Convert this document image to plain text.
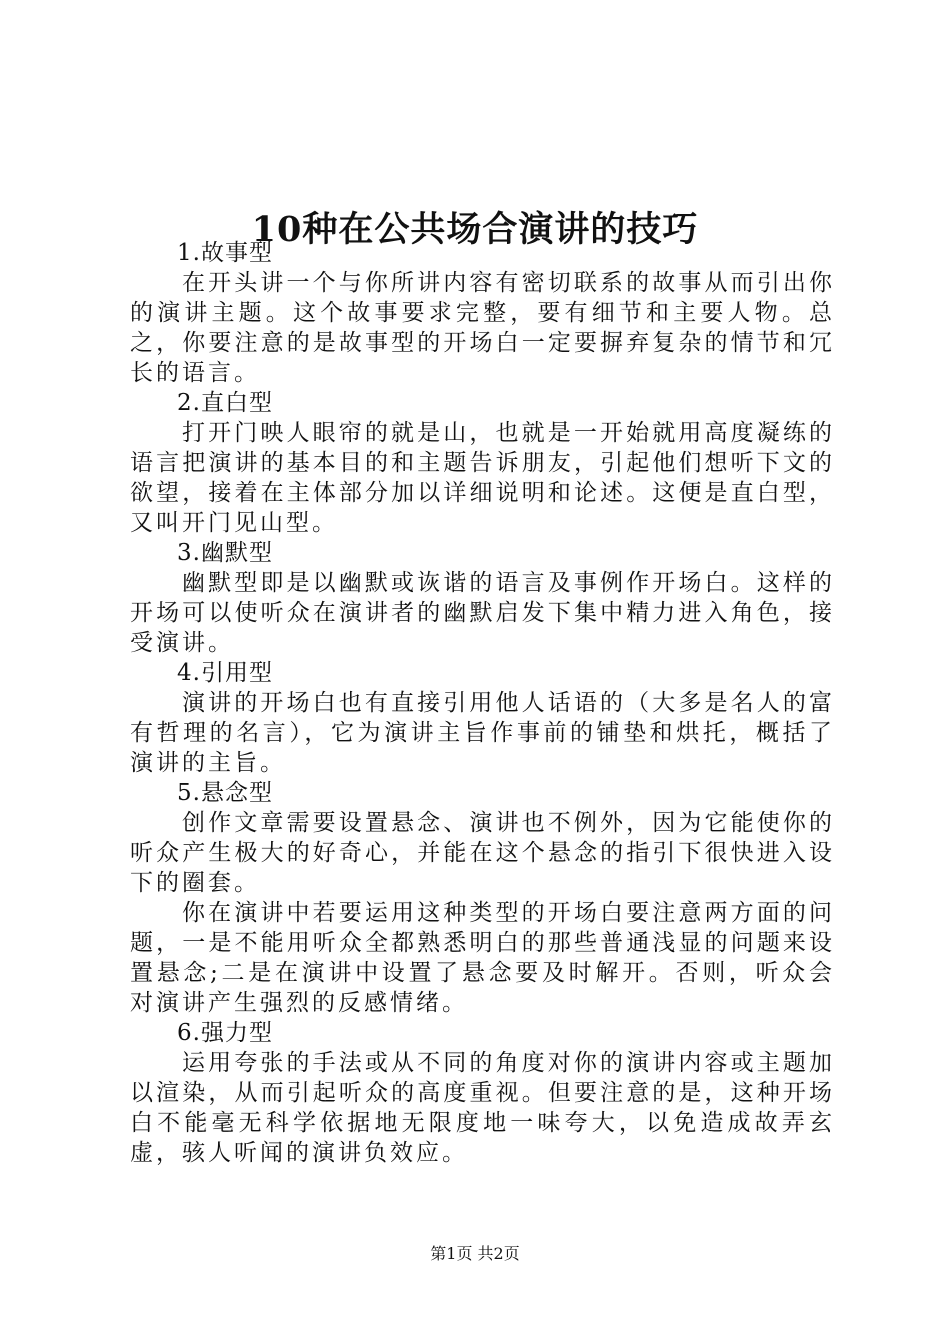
10种在公共场合演讲的技巧

1.故事型

在开头讲一个与你所讲内容有密切联系的故事从而引出你的演讲主题。这个故事要求完整，要有细节和主要人物。总之，你要注意的是故事型的开场白一定要摒弃复杂的情节和冗长的语言。

2.直白型

打开门映人眼帘的就是山，也就是一开始就用高度凝练的语言把演讲的基本目的和主题告诉朋友，引起他们想听下文的欲望，接着在主体部分加以详细说明和论述。这便是直白型，又叫开门见山型。

3.幽默型

幽默型即是以幽默或诙谐的语言及事例作开场白。这样的开场可以使听众在演讲者的幽默启发下集中精力进入角色，接受演讲。

4.引用型

演讲的开场白也有直接引用他人话语的（大多是名人的富有哲理的名言），它为演讲主旨作事前的铺垫和烘托，概括了演讲的主旨。

5.悬念型

创作文章需要设置悬念、演讲也不例外，因为它能使你的听众产生极大的好奇心，并能在这个悬念的指引下很快进入设下的圈套。

你在演讲中若要运用这种类型的开场白要注意两方面的问题，一是不能用听众全都熟悉明白的那些普通浅显的问题来设置悬念;二是在演讲中设置了悬念要及时解开。否则，听众会对演讲产生强烈的反感情绪。

6.强力型

运用夸张的手法或从不同的角度对你的演讲内容或主题加以渲染，从而引起听众的高度重视。但要注意的是，这种开场白不能毫无科学依据地无限度地一味夸大，以免造成故弄玄虚，骇人听闻的演讲负效应。

第1页 共2页
